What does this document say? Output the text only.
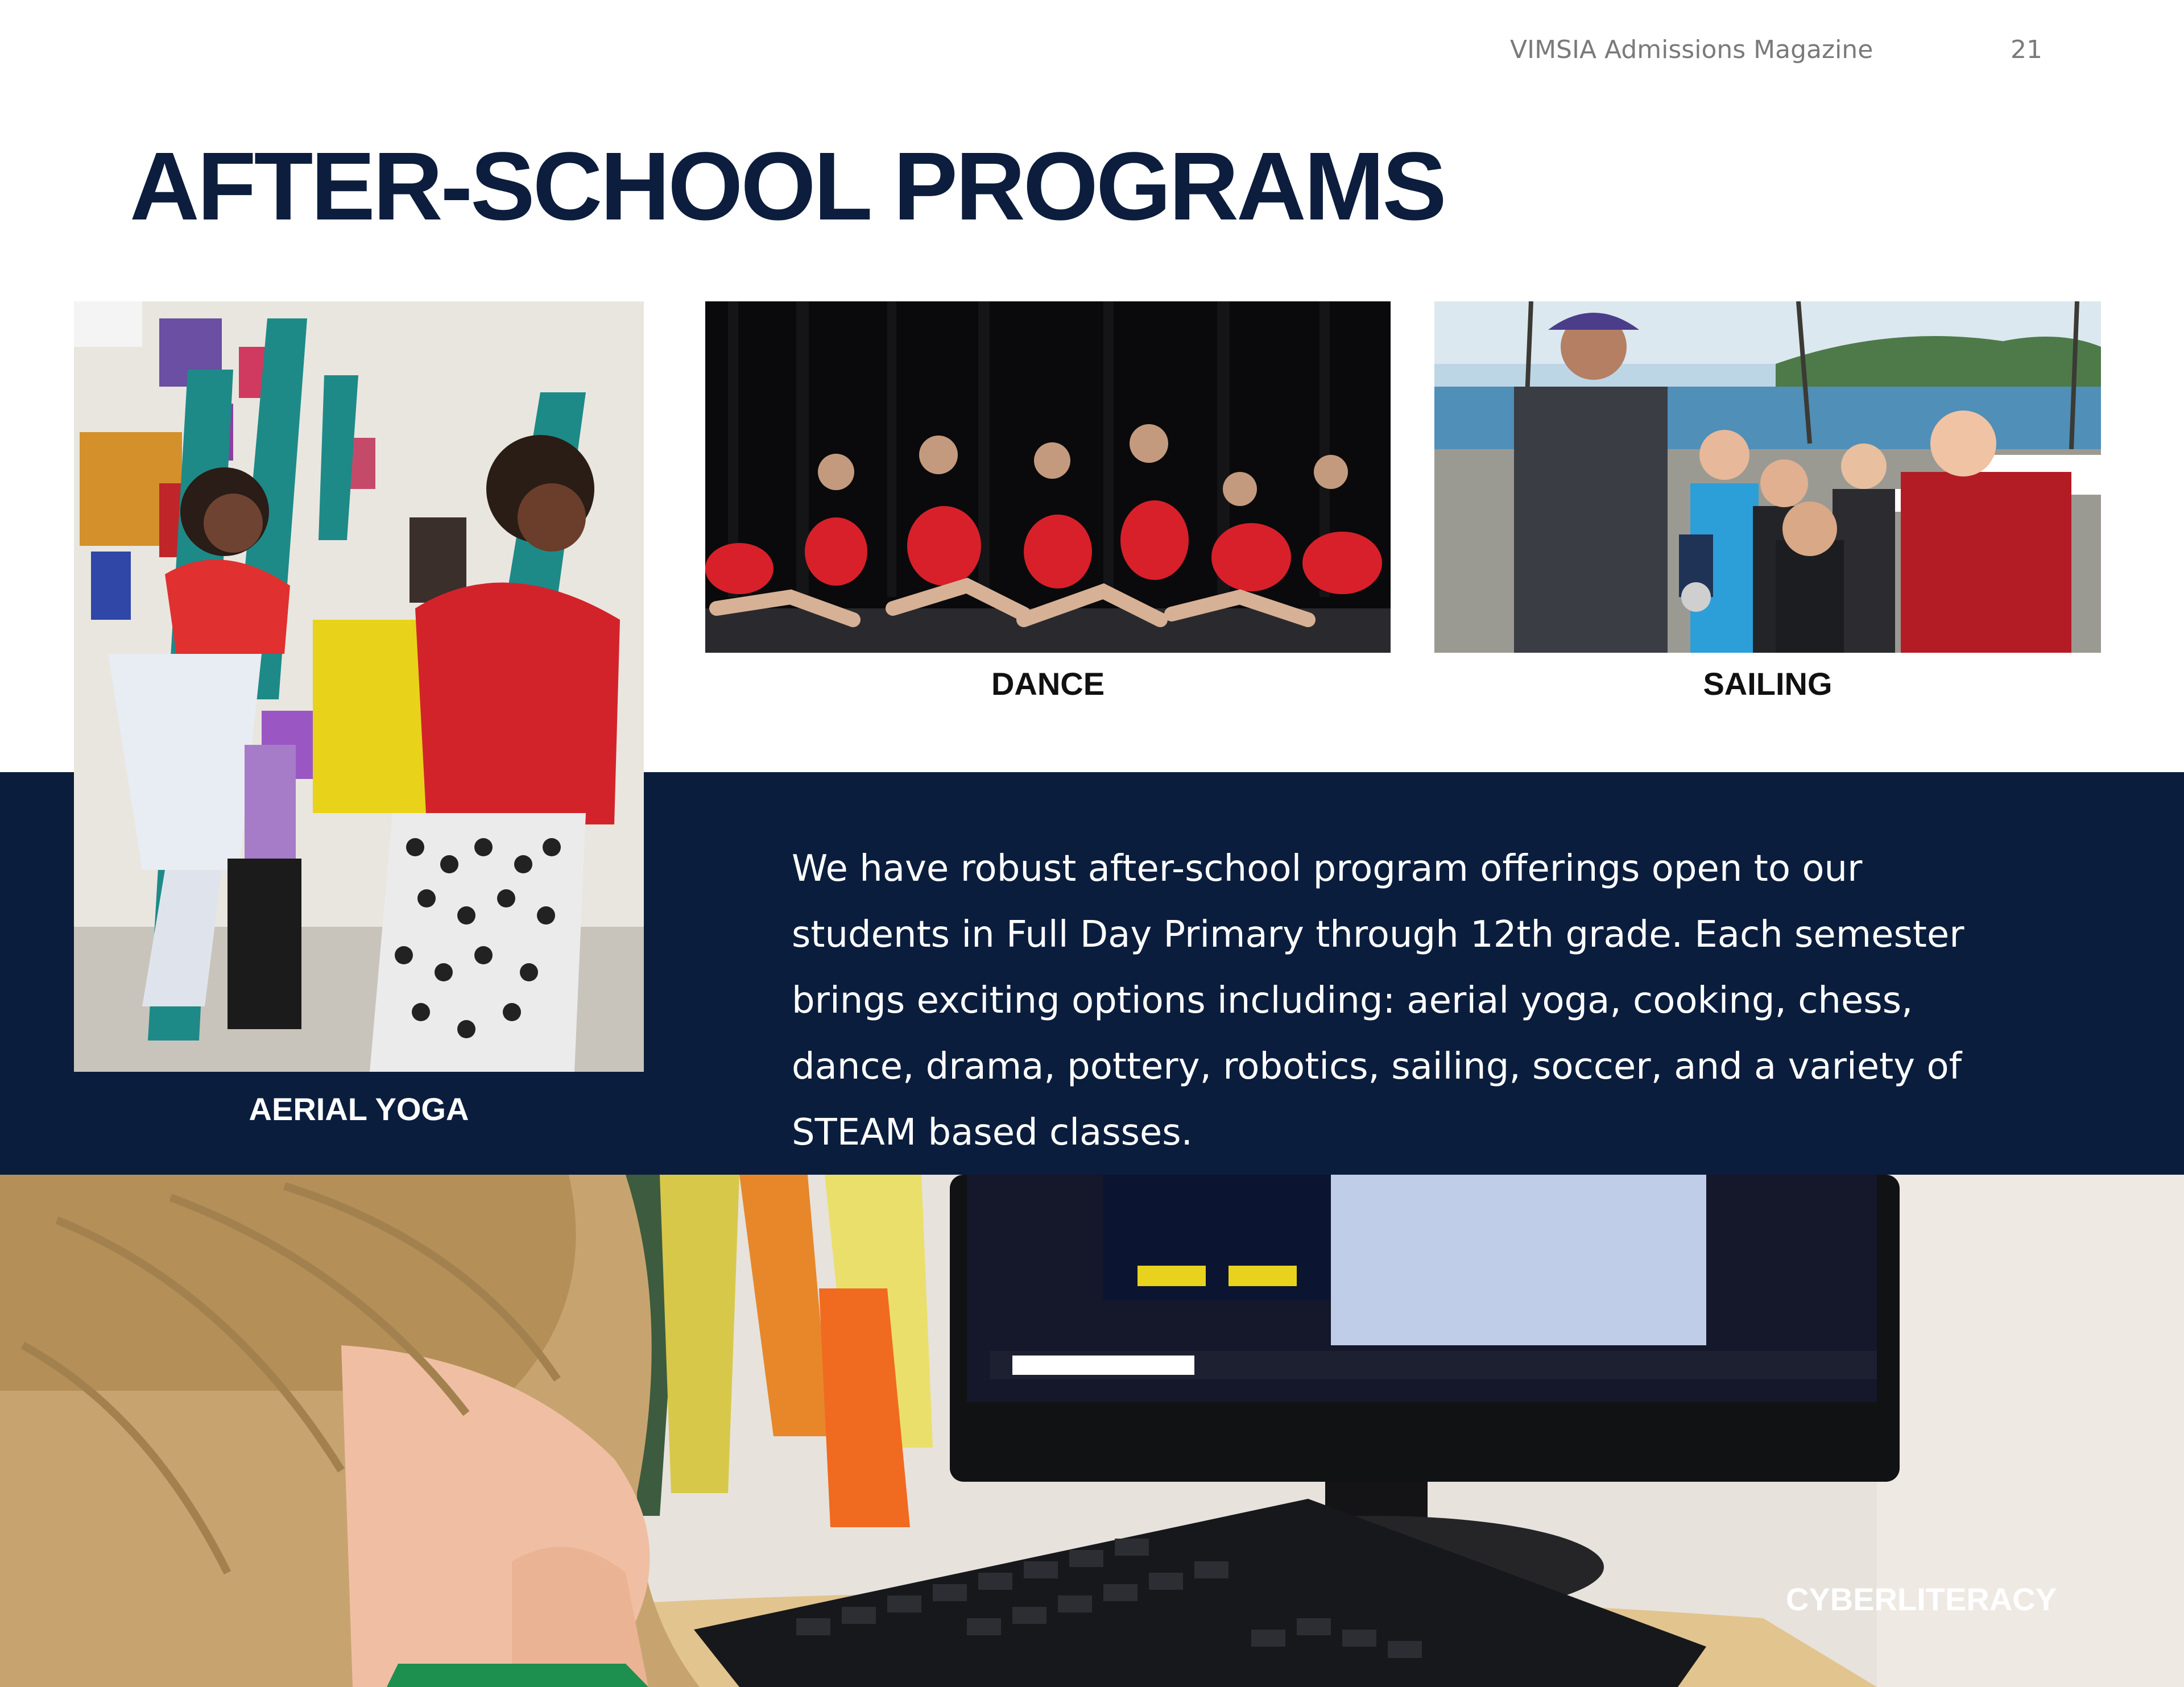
VIMSIA Admissions Magazine	21
AFTER-SCHOOL PROGRAMS
DANCE	SAILING
AERIAL YOGA

We have robust after-school program offerings open to our students in Full Day Primary through 12th grade. Each semester brings exciting options including: aerial yoga, cooking, chess, dance, drama, pottery, robotics, sailing, soccer, and a variety of STEAM based classes.

CYBERLITERACY
